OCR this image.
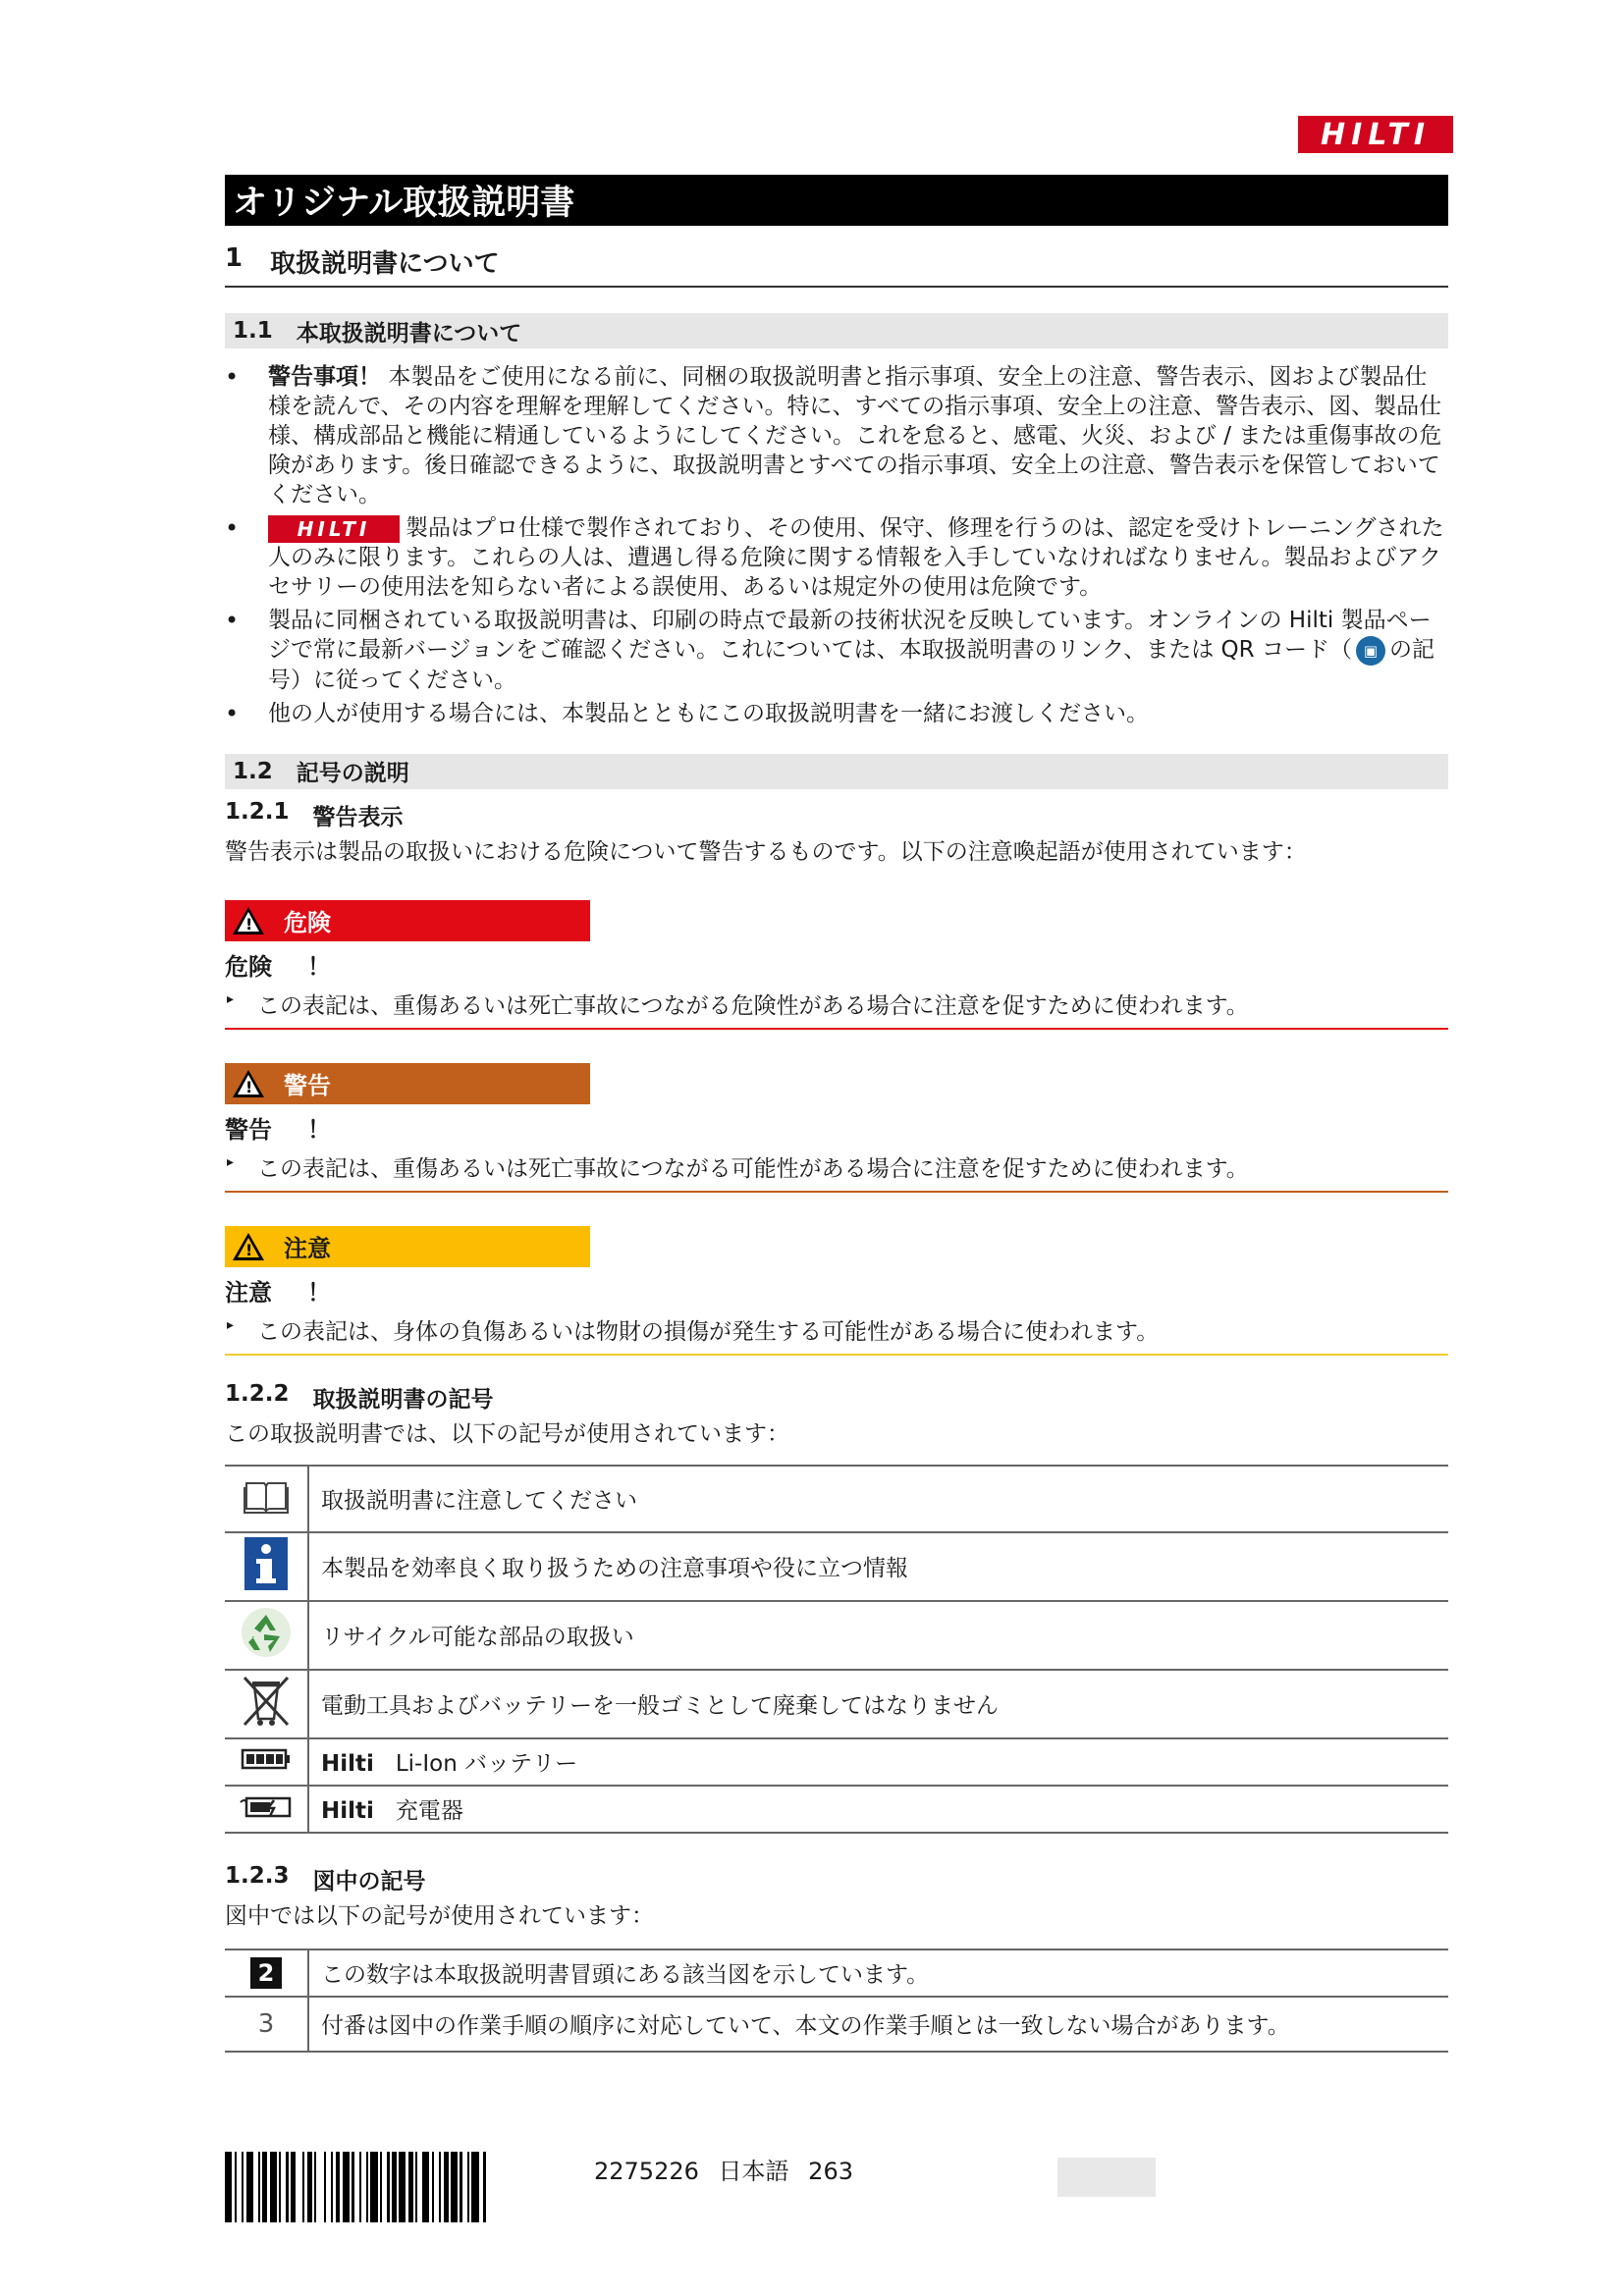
HILTI
オリジナル取扱説明書
1 取扱説明書について
1.1 本取扱説明書について
• 警告事項！ 本製品をご使用になる前に、同梱の取扱説明書と指示事項、安全上の注意、警告表示、図および製品仕様を読んで、その内容を理解を理解してください。特に、すべての指示事項、安全上の注意、警告表示、図、製品仕様、構成部品と機能に精通しているようにしてください。これを怠ると、感電、火災、および / または重傷事故の危険があります。後日確認できるように、取扱説明書とすべての指示事項、安全上の注意、警告表示を保管しておいてください。
• HILTI 製品はプロ仕様で製作されており、その使用、保守、修理を行うのは、認定を受けトレーニングされた人のみに限ります。これらの人は、遭遇し得る危険に関する情報を入手していなければなりません。製品およびアクセサリーの使用法を知らない者による誤使用、あるいは規定外の使用は危険です。
• 製品に同梱されている取扱説明書は、印刷の時点で最新の技術状況を反映しています。オンラインの Hilti 製品ページで常に最新バージョンをご確認ください。これについては、本取扱説明書のリンク、または QR コード（ ▣ の記号）に従ってください。
• 他の人が使用する場合には、本製品とともにこの取扱説明書を一緒にお渡しください。
1.2 記号の説明
1.2.1 警告表示

警告表示は製品の取扱いにおける危険について警告するものです。以下の注意喚起語が使用されています：

! 危険
危険 ！
▸ この表記は、重傷あるいは死亡事故につながる危険性がある場合に注意を促すために使われます。
! 警告
警告 ！
▸ この表記は、重傷あるいは死亡事故につながる可能性がある場合に注意を促すために使われます。
! 注意
注意 ！
▸ この表記は、身体の負傷あるいは物財の損傷が発生する可能性がある場合に使われます。
1.2.2 取扱説明書の記号

この取扱説明書では、以下の記号が使用されています：

	取扱説明書に注意してください

	本製品を効率良く取り扱うための注意事項や役に立つ情報

	リサイクル可能な部品の取扱い

	電動工具およびバッテリーを一般ゴミとして廃棄してはなりません

	Hilti Li-Ion バッテリー

	Hilti 充電器
1.2.3 図中の記号

図中では以下の記号が使用されています：

2	この数字は本取扱説明書冒頭にある該当図を示しています。
3	付番は図中の作業手順の順序に対応していて、本文の作業手順とは一致しない場合があります。
2275226 日本語 263
